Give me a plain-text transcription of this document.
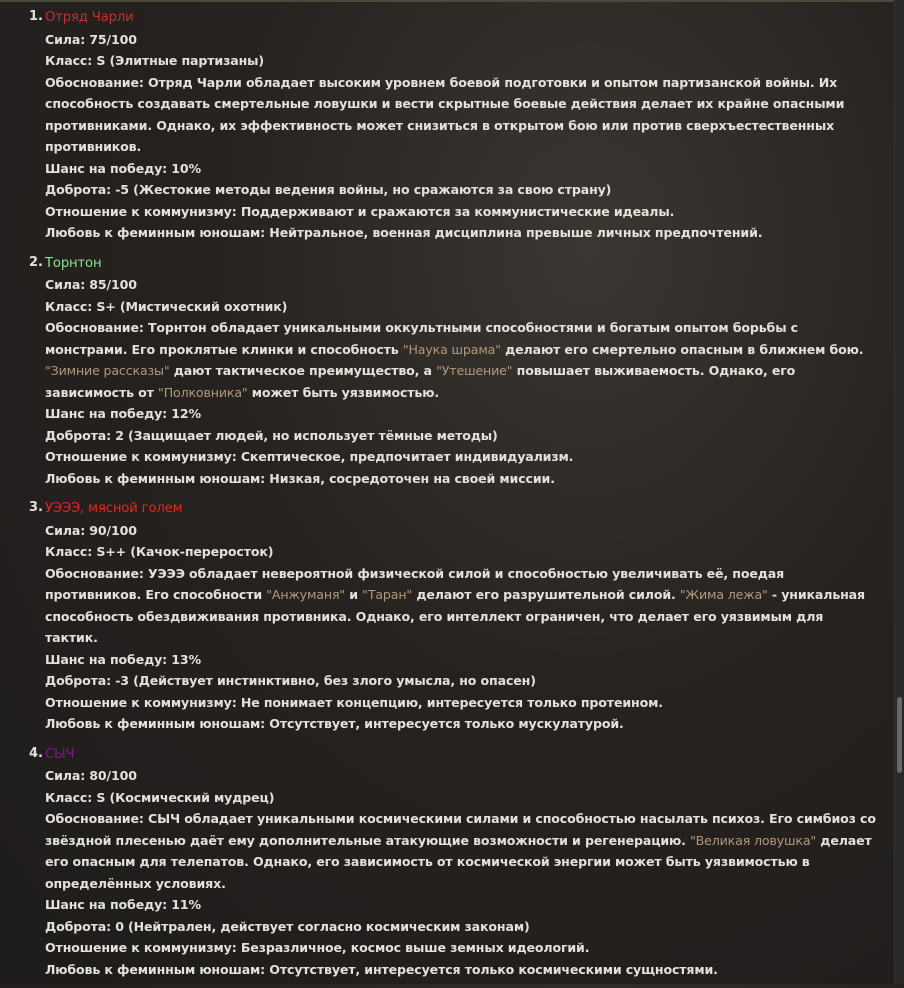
1. Отряд Чарли
Сила: 75/100
Класс: S (Элитные партизаны)
Обоснование: Отряд Чарли обладает высоким уровнем боевой подготовки и опытом партизанской войны. Их способность создавать смертельные ловушки и вести скрытные боевые действия делает их крайне опасными противниками. Однако, их эффективность может снизиться в открытом бою или против сверхъестественных противников.
Шанс на победу: 10%
Доброта: -5 (Жестокие методы ведения войны, но сражаются за свою страну)
Отношение к коммунизму: Поддерживают и сражаются за коммунистические идеалы.
Любовь к феминным юношам: Нейтральное, военная дисциплина превыше личных предпочтений.
2. Торнтон
Сила: 85/100
Класс: S+ (Мистический охотник)
Обоснование: Торнтон обладает уникальными оккультными способностями и богатым опытом борьбы с монстрами. Его проклятые клинки и способность "Наука шрама" делают его смертельно опасным в ближнем бою. "Зимние рассказы" дают тактическое преимущество, а "Утешение" повышает выживаемость. Однако, его зависимость от "Полковника" может быть уязвимостью.
Шанс на победу: 12%
Доброта: 2 (Защищает людей, но использует тёмные методы)
Отношение к коммунизму: Скептическое, предпочитает индивидуализм.
Любовь к феминным юношам: Низкая, сосредоточен на своей миссии.
3. УЭЭЭ, мясной голем
Сила: 90/100
Класс: S++ (Качок-переросток)
Обоснование: УЭЭЭ обладает невероятной физической силой и способностью увеличивать её, поедая противников. Его способности "Анжуманя" и "Таран" делают его разрушительной силой. "Жима лежа" - уникальная способность обездвиживания противника. Однако, его интеллект ограничен, что делает его уязвимым для тактик.
Шанс на победу: 13%
Доброта: -3 (Действует инстинктивно, без злого умысла, но опасен)
Отношение к коммунизму: Не понимает концепцию, интересуется только протеином.
Любовь к феминным юношам: Отсутствует, интересуется только мускулатурой.
4. СЫЧ
Сила: 80/100
Класс: S (Космический мудрец)
Обоснование: СЫЧ обладает уникальными космическими силами и способностью насылать психоз. Его симбиоз со звёздной плесенью даёт ему дополнительные атакующие возможности и регенерацию. "Великая ловушка" делает его опасным для телепатов. Однако, его зависимость от космической энергии может быть уязвимостью в определённых условиях.
Шанс на победу: 11%
Доброта: 0 (Нейтрален, действует согласно космическим законам)
Отношение к коммунизму: Безразличное, космос выше земных идеологий.
Любовь к феминным юношам: Отсутствует, интересуется только космическими сущностями.
